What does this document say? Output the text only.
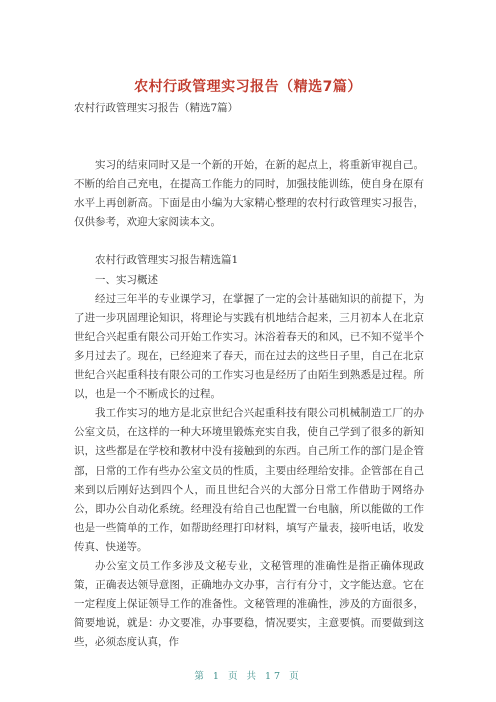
农村行政管理实习报告（精选7篇）
农村行政管理实习报告（精选7篇）

实习的结束同时又是一个新的开始，在新的起点上，将重新审视自己。不断的给自己充电，在提高工作能力的同时，加强技能训练，使自身在原有水平上再创新高。下面是由小编为大家精心整理的农村行政管理实习报告，仅供参考，欢迎大家阅读本文。

农村行政管理实习报告精选篇1

一、实习概述

经过三年半的专业课学习，在掌握了一定的会计基础知识的前提下，为了进一步巩固理论知识，将理论与实践有机地结合起来，三月初本人在北京世纪合兴起重有限公司开始工作实习。沐浴着春天的和风，已不知不觉半个多月过去了。现在，已经迎来了春天，而在过去的这些日子里，自己在北京世纪合兴起重科技有限公司的工作实习也是经历了由陌生到熟悉是过程。所以，也是一个不断成长的过程。

我工作实习的地方是北京世纪合兴起重科技有限公司机械制造工厂的办公室文员，在这样的一种大环境里锻炼充实自我，使自己学到了很多的新知识，这些都是在学校和教材中没有接触到的东西。自己所工作的部门是企管部，日常的工作有些办公室文员的性质，主要由经理给安排。企管部在自己来到以后刚好达到四个人，而且世纪合兴的大部分日常工作借助于网络办公，即办公自动化系统。经理没有给自己也配置一台电脑，所以能做的工作也是一些简单的工作，如帮助经理打印材料，填写产量表，接听电话，收发传真、快递等。

办公室文员工作多涉及文秘专业，文秘管理的准确性是指正确体现政策，正确表达领导意图，正确地办文办事，言行有分寸，文字能达意。它在一定程度上保证领导工作的准备性。文秘管理的准确性，涉及的方面很多，简要地说，就是：办文要准，办事要稳，情况要实，主意要慎。而要做到这些，必须态度认真，作

第 1 页 共 17 页
